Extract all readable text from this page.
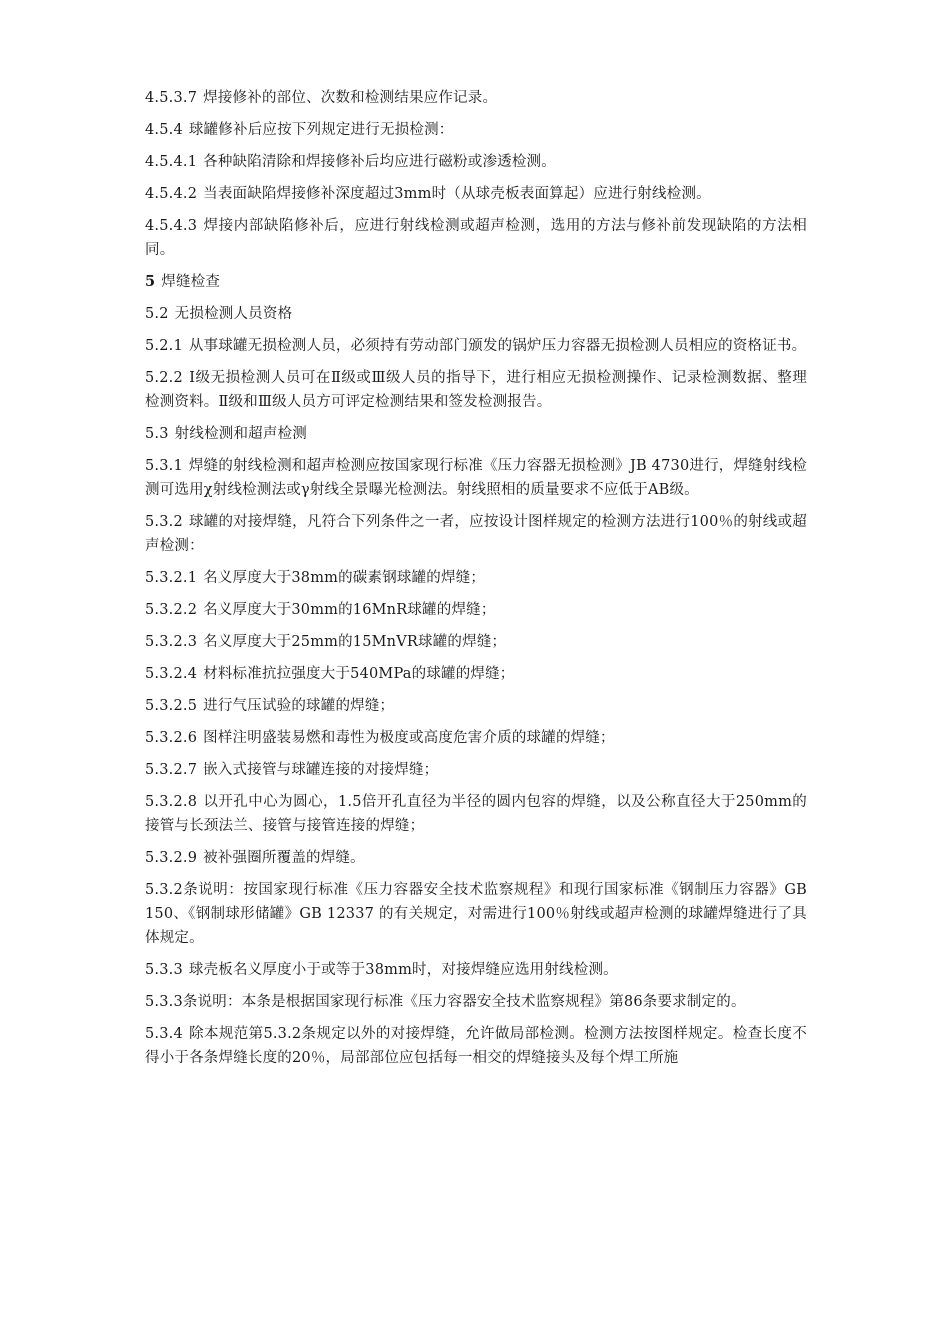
4.5.3.7 焊接修补的部位、次数和检测结果应作记录。

4.5.4 球罐修补后应按下列规定进行无损检测：

4.5.4.1 各种缺陷清除和焊接修补后均应进行磁粉或渗透检测。

4.5.4.2 当表面缺陷焊接修补深度超过3mm时（从球壳板表面算起）应进行射线检测。

4.5.4.3 焊接内部缺陷修补后，应进行射线检测或超声检测，选用的方法与修补前发现缺陷的方法相同。

5 焊缝检查

5.2 无损检测人员资格

5.2.1 从事球罐无损检测人员，必须持有劳动部门颁发的锅炉压力容器无损检测人员相应的资格证书。

5.2.2 Ⅰ级无损检测人员可在Ⅱ级或Ⅲ级人员的指导下，进行相应无损检测操作、记录检测数据、整理检测资料。Ⅱ级和Ⅲ级人员方可评定检测结果和签发检测报告。

5.3 射线检测和超声检测

5.3.1 焊缝的射线检测和超声检测应按国家现行标准《压力容器无损检测》JB 4730进行，焊缝射线检测可选用χ射线检测法或γ射线全景曝光检测法。射线照相的质量要求不应低于AB级。

5.3.2 球罐的对接焊缝，凡符合下列条件之一者，应按设计图样规定的检测方法进行100％的射线或超声检测：

5.3.2.1 名义厚度大于38mm的碳素钢球罐的焊缝；

5.3.2.2 名义厚度大于30mm的16MnR球罐的焊缝；

5.3.2.3 名义厚度大于25mm的15MnVR球罐的焊缝；

5.3.2.4 材料标准抗拉强度大于540MPa的球罐的焊缝；

5.3.2.5 进行气压试验的球罐的焊缝；

5.3.2.6 图样注明盛装易燃和毒性为极度或高度危害介质的球罐的焊缝；

5.3.2.7 嵌入式接管与球罐连接的对接焊缝；

5.3.2.8 以开孔中心为圆心，1.5倍开孔直径为半径的圆内包容的焊缝，以及公称直径大于250mm的接管与长颈法兰、接管与接管连接的焊缝；

5.3.2.9 被补强圈所覆盖的焊缝。

5.3.2条说明：按国家现行标准《压力容器安全技术监察规程》和现行国家标准《钢制压力容器》GB 150、《钢制球形储罐》GB 12337 的有关规定，对需进行100％射线或超声检测的球罐焊缝进行了具体规定。

5.3.3 球壳板名义厚度小于或等于38mm时，对接焊缝应选用射线检测。

5.3.3条说明：本条是根据国家现行标准《压力容器安全技术监察规程》第86条要求制定的。

5.3.4 除本规范第5.3.2条规定以外的对接焊缝，允许做局部检测。检测方法按图样规定。检查长度不得小于各条焊缝长度的20％，局部部位应包括每一相交的焊缝接头及每个焊工所施
